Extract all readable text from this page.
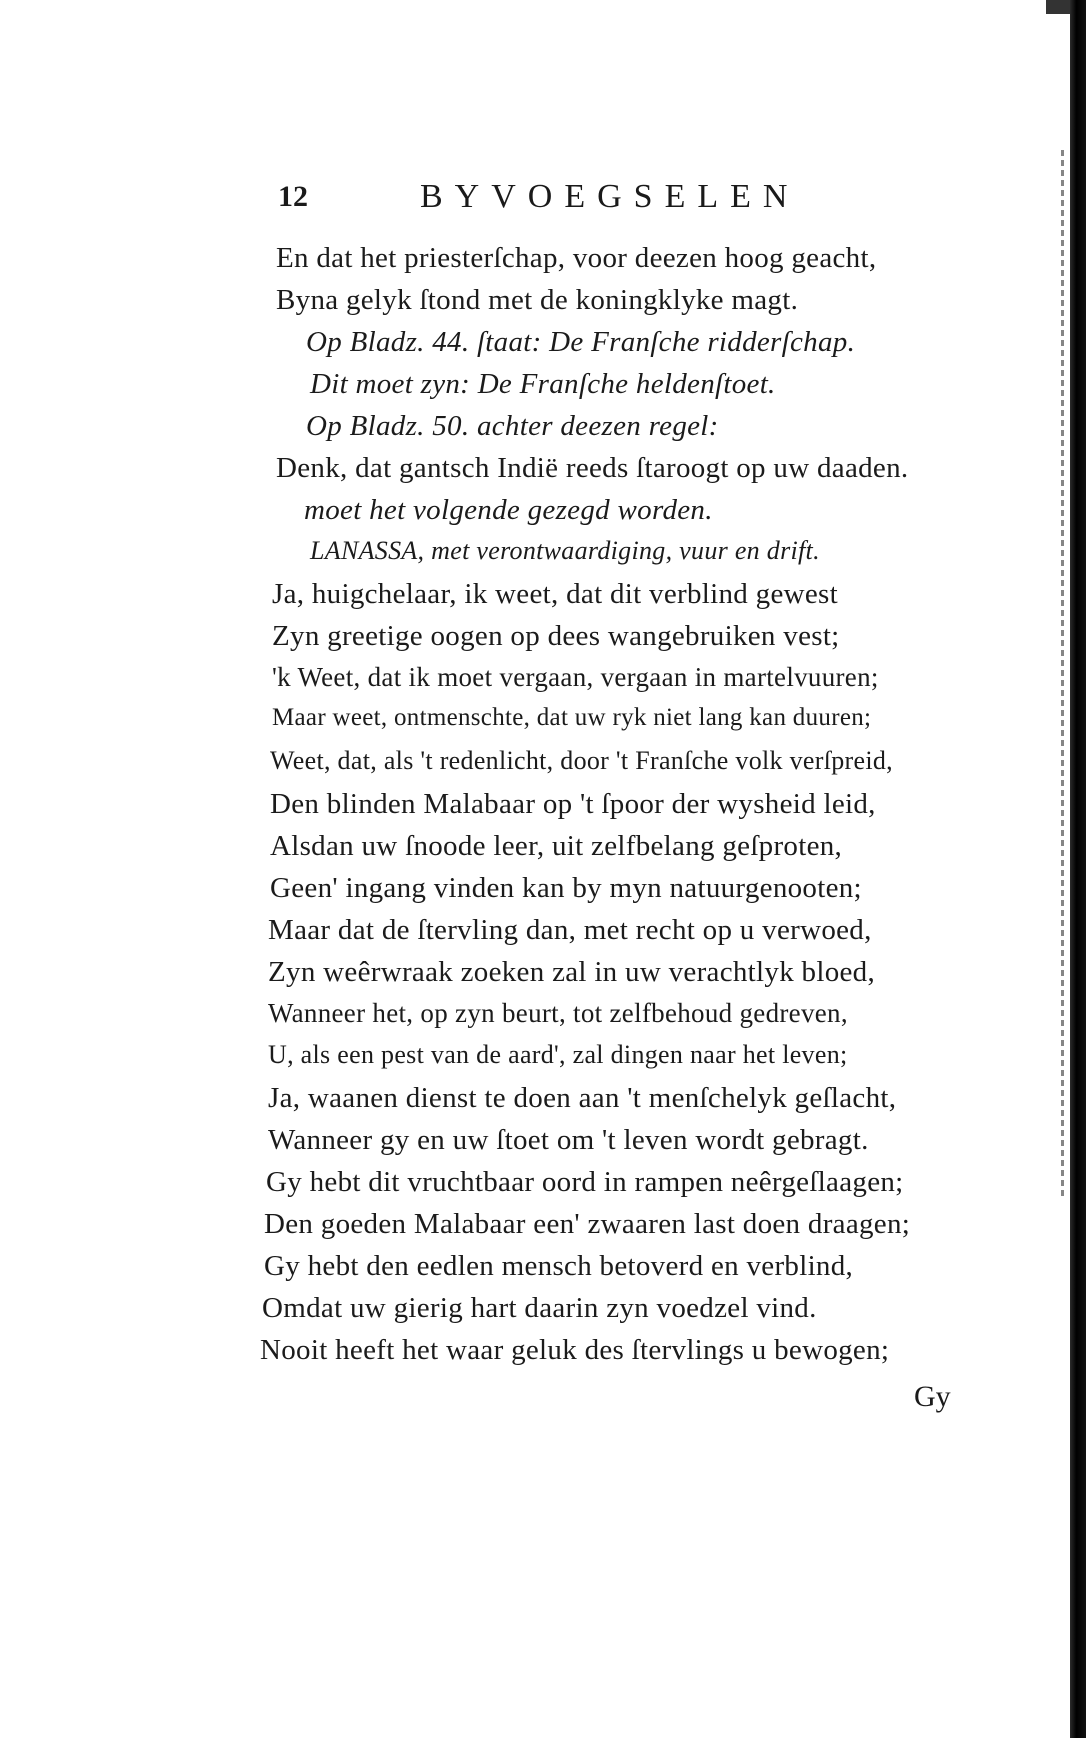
12	BYVOEGSELEN
En dat het priesterſchap, voor deezen hoog geacht,
Byna gelyk ſtond met de koningklyke magt.
Op Bladz. 44. ſtaat: De Franſche ridderſchap.
Dit moet zyn: De Franſche heldenſtoet.
Op Bladz. 50. achter deezen regel:
Denk, dat gantsch Indië reeds ſtaroogt op uw daaden.
moet het volgende gezegd worden.
LANASSA, met verontwaardiging, vuur en drift.
Ja, huigchelaar, ik weet, dat dit verblind gewest
Zyn greetige oogen op dees wangebruiken vest;
'k Weet, dat ik moet vergaan, vergaan in martelvuuren;
Maar weet, ontmenschte, dat uw ryk niet lang kan duuren;
Weet, dat, als 't redenlicht, door 't Franſche volk verſpreid,
Den blinden Malabaar op 't ſpoor der wysheid leid,
Alsdan uw ſnoode leer, uit zelfbelang geſproten,
Geen' ingang vinden kan by myn natuurgenooten;
Maar dat de ſtervling dan, met recht op u verwoed,
Zyn weêrwraak zoeken zal in uw verachtlyk bloed,
Wanneer het, op zyn beurt, tot zelfbehoud gedreven,
U, als een pest van de aard', zal dingen naar het leven;
Ja, waanen dienst te doen aan 't menſchelyk geſlacht,
Wanneer gy en uw ſtoet om 't leven wordt gebragt.
Gy hebt dit vruchtbaar oord in rampen neêrgeſlaagen;
Den goeden Malabaar een' zwaaren last doen draagen;
Gy hebt den eedlen mensch betoverd en verblind,
Omdat uw gierig hart daarin zyn voedzel vind.
Nooit heeft het waar geluk des ſtervlings u bewogen;
Gy
